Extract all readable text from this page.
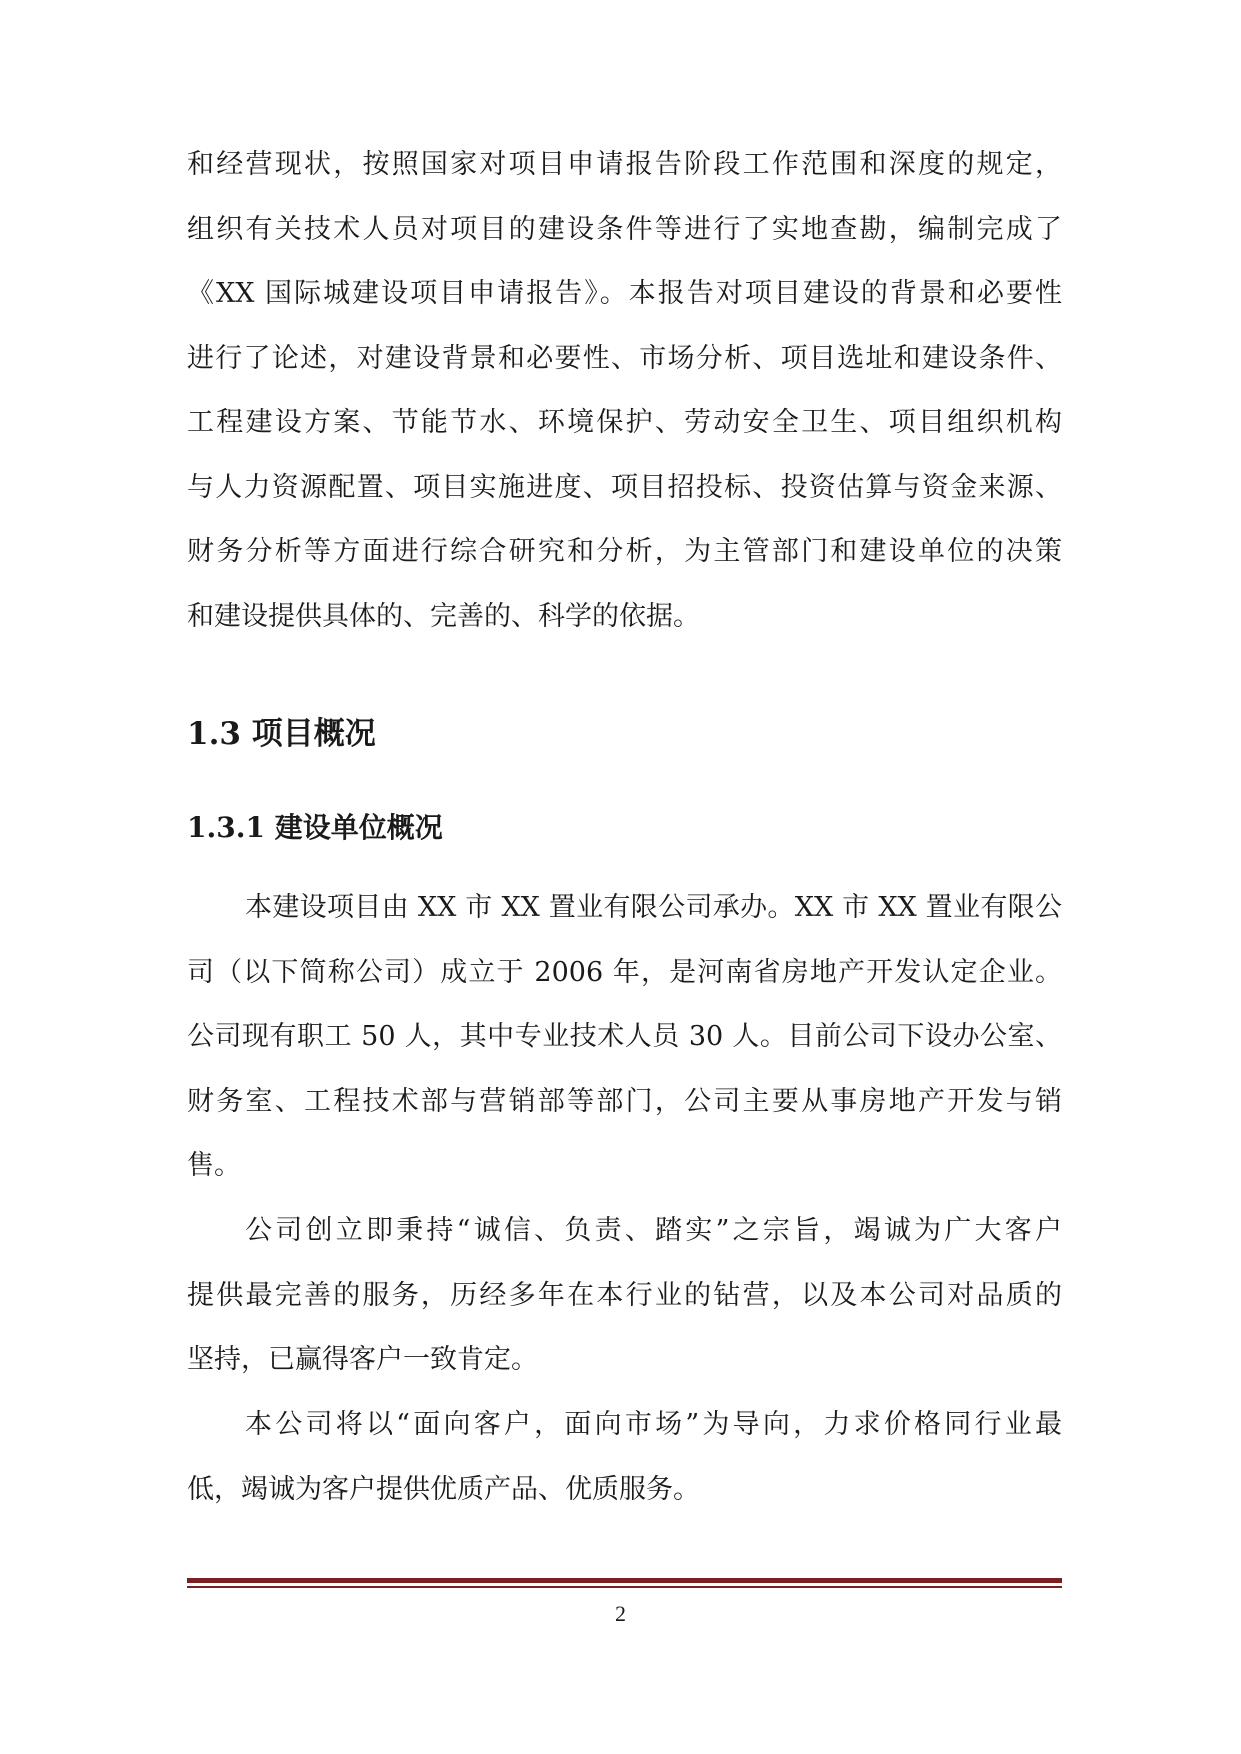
和经营现状，按照国家对项目申请报告阶段工作范围和深度的规定，
组织有关技术人员对项目的建设条件等进行了实地查勘，编制完成了
《XX 国际城建设项目申请报告》。本报告对项目建设的背景和必要性
进行了论述，对建设背景和必要性、市场分析、项目选址和建设条件、
工程建设方案、节能节水、环境保护、劳动安全卫生、项目组织机构
与人力资源配置、项目实施进度、项目招投标、投资估算与资金来源、
财务分析等方面进行综合研究和分析，为主管部门和建设单位的决策
和建设提供具体的、完善的、科学的依据。
1.3 项目概况
1.3.1 建设单位概况
本建设项目由 XX 市 XX 置业有限公司承办。XX 市 XX 置业有限公
司（以下简称公司）成立于 2006 年，是河南省房地产开发认定企业。
公司现有职工 50 人，其中专业技术人员 30 人。目前公司下设办公室、
财务室、工程技术部与营销部等部门，公司主要从事房地产开发与销
售。
公司创立即秉持“诚信、负责、踏实”之宗旨，竭诚为广大客户
提供最完善的服务，历经多年在本行业的钻营，以及本公司对品质的
坚持，已赢得客户一致肯定。
本公司将以“面向客户，面向市场”为导向，力求价格同行业最
低，竭诚为客户提供优质产品、优质服务。
2
